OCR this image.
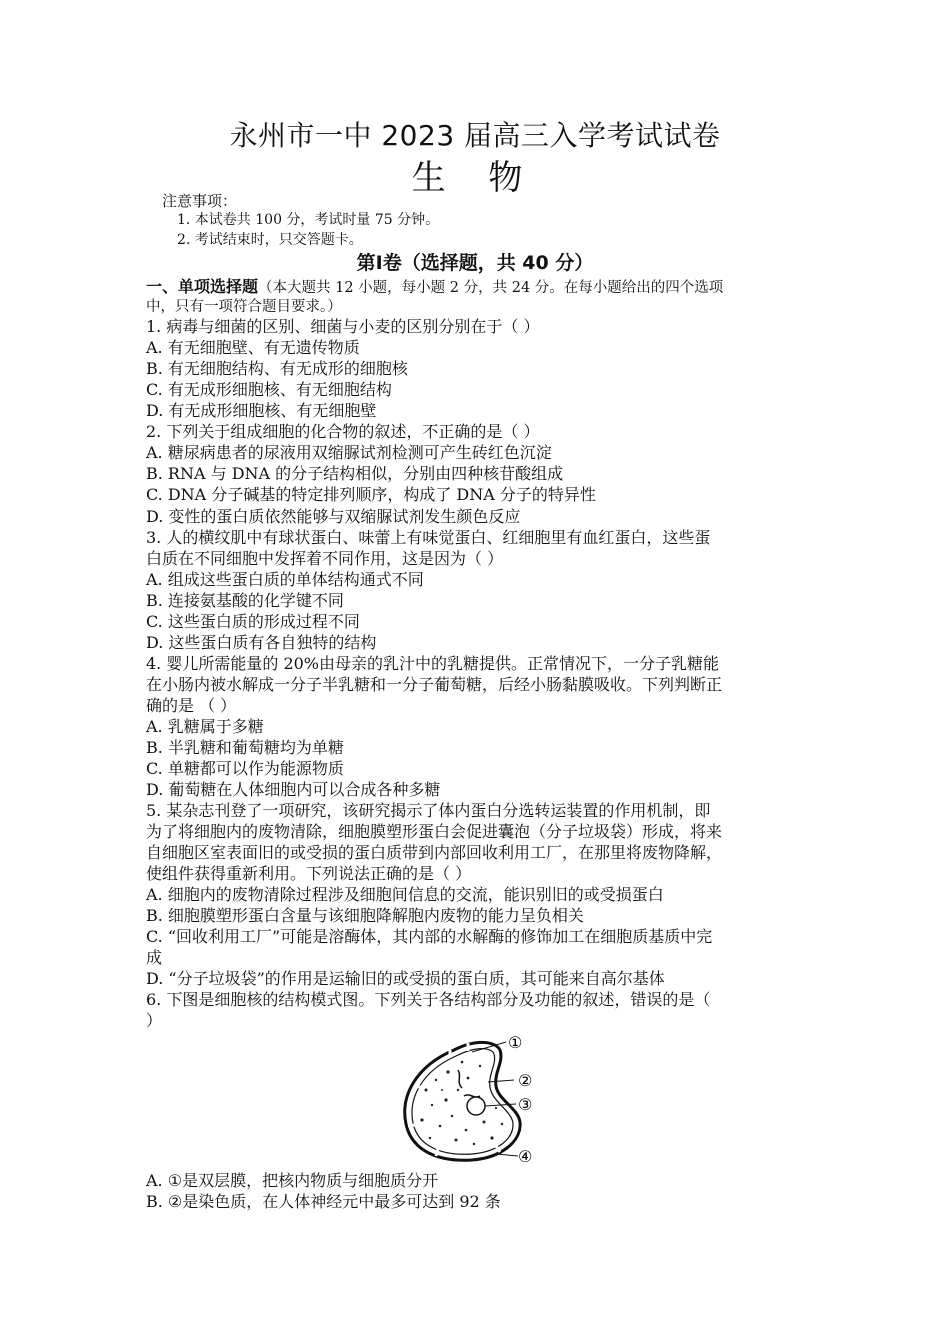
永州市一中 2023 届高三入学考试试卷
生 物
注意事项：
1. 本试卷共 100 分，考试时量 75 分钟。
2. 考试结束时，只交答题卡。
第Ⅰ卷（选择题，共 40 分）
一、单项选择题（本大题共 12 小题，每小题 2 分，共 24 分。在每小题给出的四个选项
中，只有一项符合题目要求。）
1. 病毒与细菌的区别、细菌与小麦的区别分别在于（ ）
A. 有无细胞壁、有无遗传物质
B. 有无细胞结构、有无成形的细胞核
C. 有无成形细胞核、有无细胞结构
D. 有无成形细胞核、有无细胞壁
2. 下列关于组成细胞的化合物的叙述，不正确的是（ ）
A. 糖尿病患者的尿液用双缩脲试剂检测可产生砖红色沉淀
B. RNA 与 DNA 的分子结构相似，分别由四种核苷酸组成
C. DNA 分子碱基的特定排列顺序，构成了 DNA 分子的特异性
D. 变性的蛋白质依然能够与双缩脲试剂发生颜色反应
3. 人的横纹肌中有球状蛋白、味蕾上有味觉蛋白、红细胞里有血红蛋白，这些蛋
白质在不同细胞中发挥着不同作用，这是因为（ ）
A. 组成这些蛋白质的单体结构通式不同
B. 连接氨基酸的化学键不同
C. 这些蛋白质的形成过程不同
D. 这些蛋白质有各自独特的结构
4. 婴儿所需能量的 20%由母亲的乳汁中的乳糖提供。正常情况下，一分子乳糖能
在小肠内被水解成一分子半乳糖和一分子葡萄糖，后经小肠黏膜吸收。下列判断正
确的是 （ ）
A. 乳糖属于多糖
B. 半乳糖和葡萄糖均为单糖
C. 单糖都可以作为能源物质
D. 葡萄糖在人体细胞内可以合成各种多糖
5. 某杂志刊登了一项研究，该研究揭示了体内蛋白分选转运装置的作用机制，即
为了将细胞内的废物清除，细胞膜塑形蛋白会促进囊泡（分子垃圾袋）形成，将来
自细胞区室表面旧的或受损的蛋白质带到内部回收利用工厂，在那里将废物降解，
使组件获得重新利用。下列说法正确的是（ ）
A. 细胞内的废物清除过程涉及细胞间信息的交流，能识别旧的或受损蛋白
B. 细胞膜塑形蛋白含量与该细胞降解胞内废物的能力呈负相关
C. “回收利用工厂”可能是溶酶体，其内部的水解酶的修饰加工在细胞质基质中完
成
D. “分子垃圾袋”的作用是运输旧的或受损的蛋白质，其可能来自高尔基体
6. 下图是细胞核的结构模式图。下列关于各结构部分及功能的叙述，错误的是（
）
①
②
③
④
A. ①是双层膜，把核内物质与细胞质分开
B. ②是染色质，在人体神经元中最多可达到 92 条
